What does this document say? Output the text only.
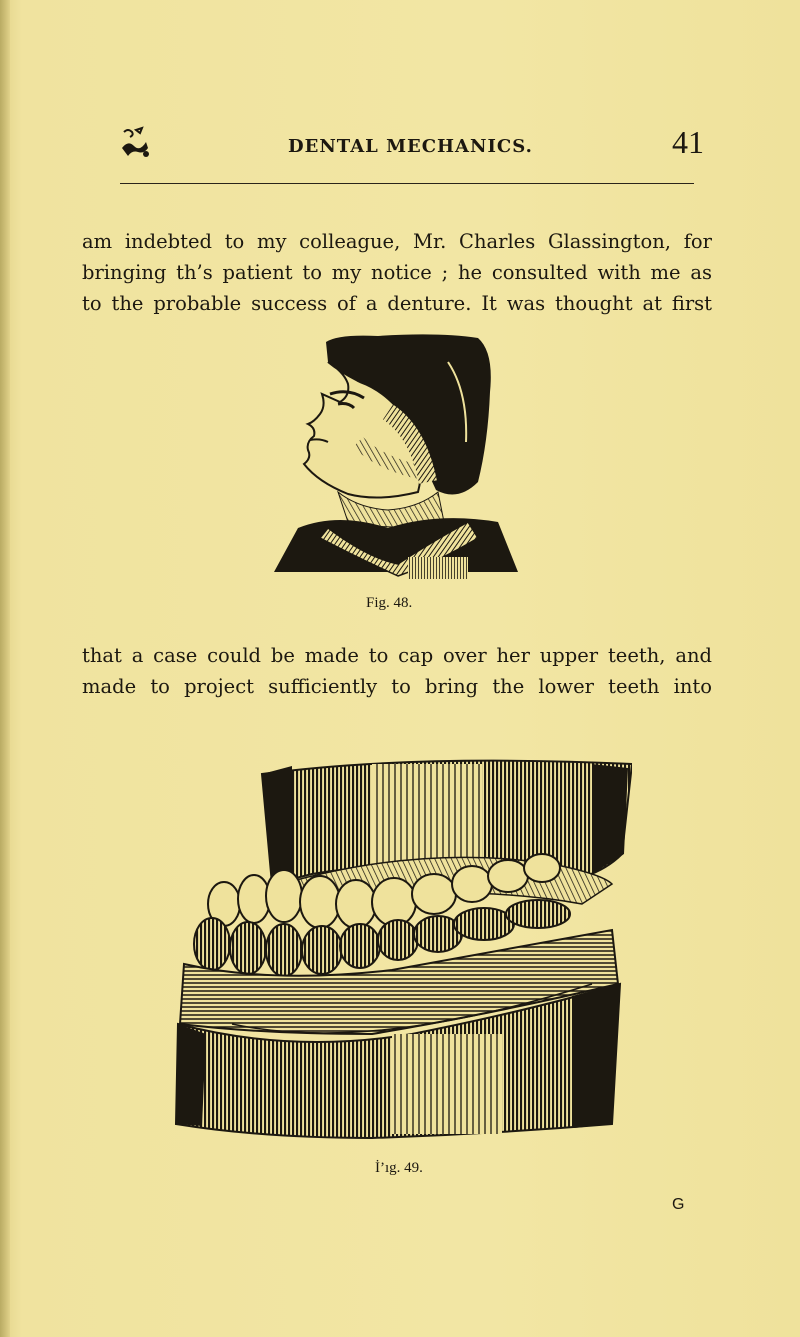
DENTAL MECHANICS.	41
am indebted to my colleague, Mr. Charles Glassington, for
bringing th’s patient to my notice ; he consulted with me as
to the probable success of a denture. It was thought at first
Fig. 48.
that a case could be made to cap over her upper teeth, and
made to project sufficiently to bring the lower teeth into
İ’ıg. 49.
G
